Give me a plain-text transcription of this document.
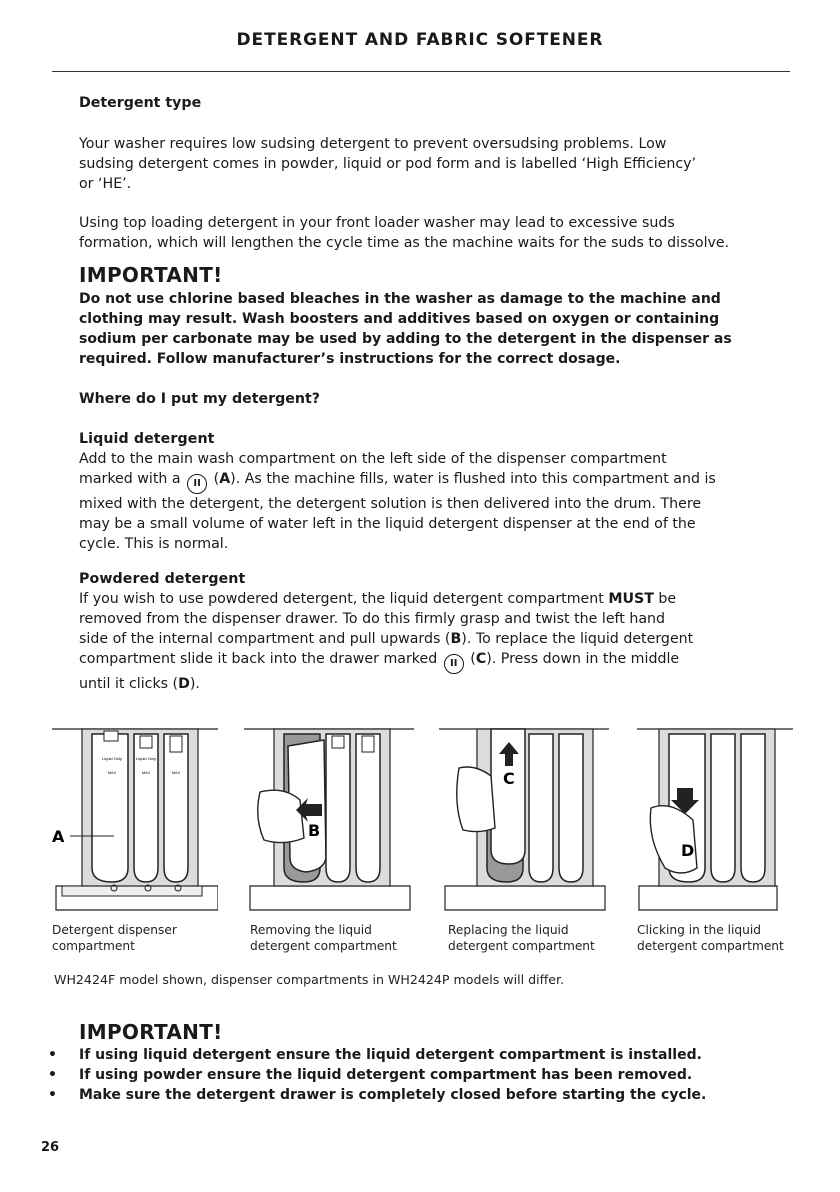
DETERGENT AND FABRIC SOFTENER
Detergent type
Your washer requires low sudsing detergent to prevent oversudsing problems. Low
sudsing detergent comes in powder, liquid or pod form and is labelled ‘High Efficiency’
or ‘HE’.
Using top loading detergent in your front loader washer may lead to excessive suds
formation, which will lengthen the cycle time as the machine waits for the suds to dissolve.
IMPORTANT!
Do not use chlorine based bleaches in the washer as damage to the machine and
clothing may result. Wash boosters and additives based on oxygen or containing
sodium per carbonate may be used by adding to the detergent in the dispenser as
required. Follow manufacturer’s instructions for the correct dosage.
Where do I put my detergent?
Liquid detergent
Add to the main wash compartment on the left side of the dispenser compartment
marked with a II (A). As the machine fills, water is flushed into this compartment and is
mixed with the detergent, the detergent solution is then delivered into the drum. There
may be a small volume of water left in the liquid detergent dispenser at the end of the
cycle. This is normal.
Powdered detergent
If you wish to use powdered detergent, the liquid detergent compartment MUST be
removed from the dispenser drawer. To do this firmly grasp and twist the left hand
side of the internal compartment and pull upwards (B). To replace the liquid detergent
compartment slide it back into the drawer marked II (C). Press down in the middle
until it clicks (D).
Liquid Only	Liquid Only
MAX	MAX	MAX
A	B
C
D
Detergent dispenser
compartment
Removing the liquid
detergent compartment
Replacing the liquid
detergent compartment
Clicking in the liquid
detergent compartment
WH2424F model shown, dispenser compartments in WH2424P models will differ.
IMPORTANT!
• If using liquid detergent ensure the liquid detergent compartment is installed.
• If using powder ensure the liquid detergent compartment has been removed.
• Make sure the detergent drawer is completely closed before starting the cycle.
26
